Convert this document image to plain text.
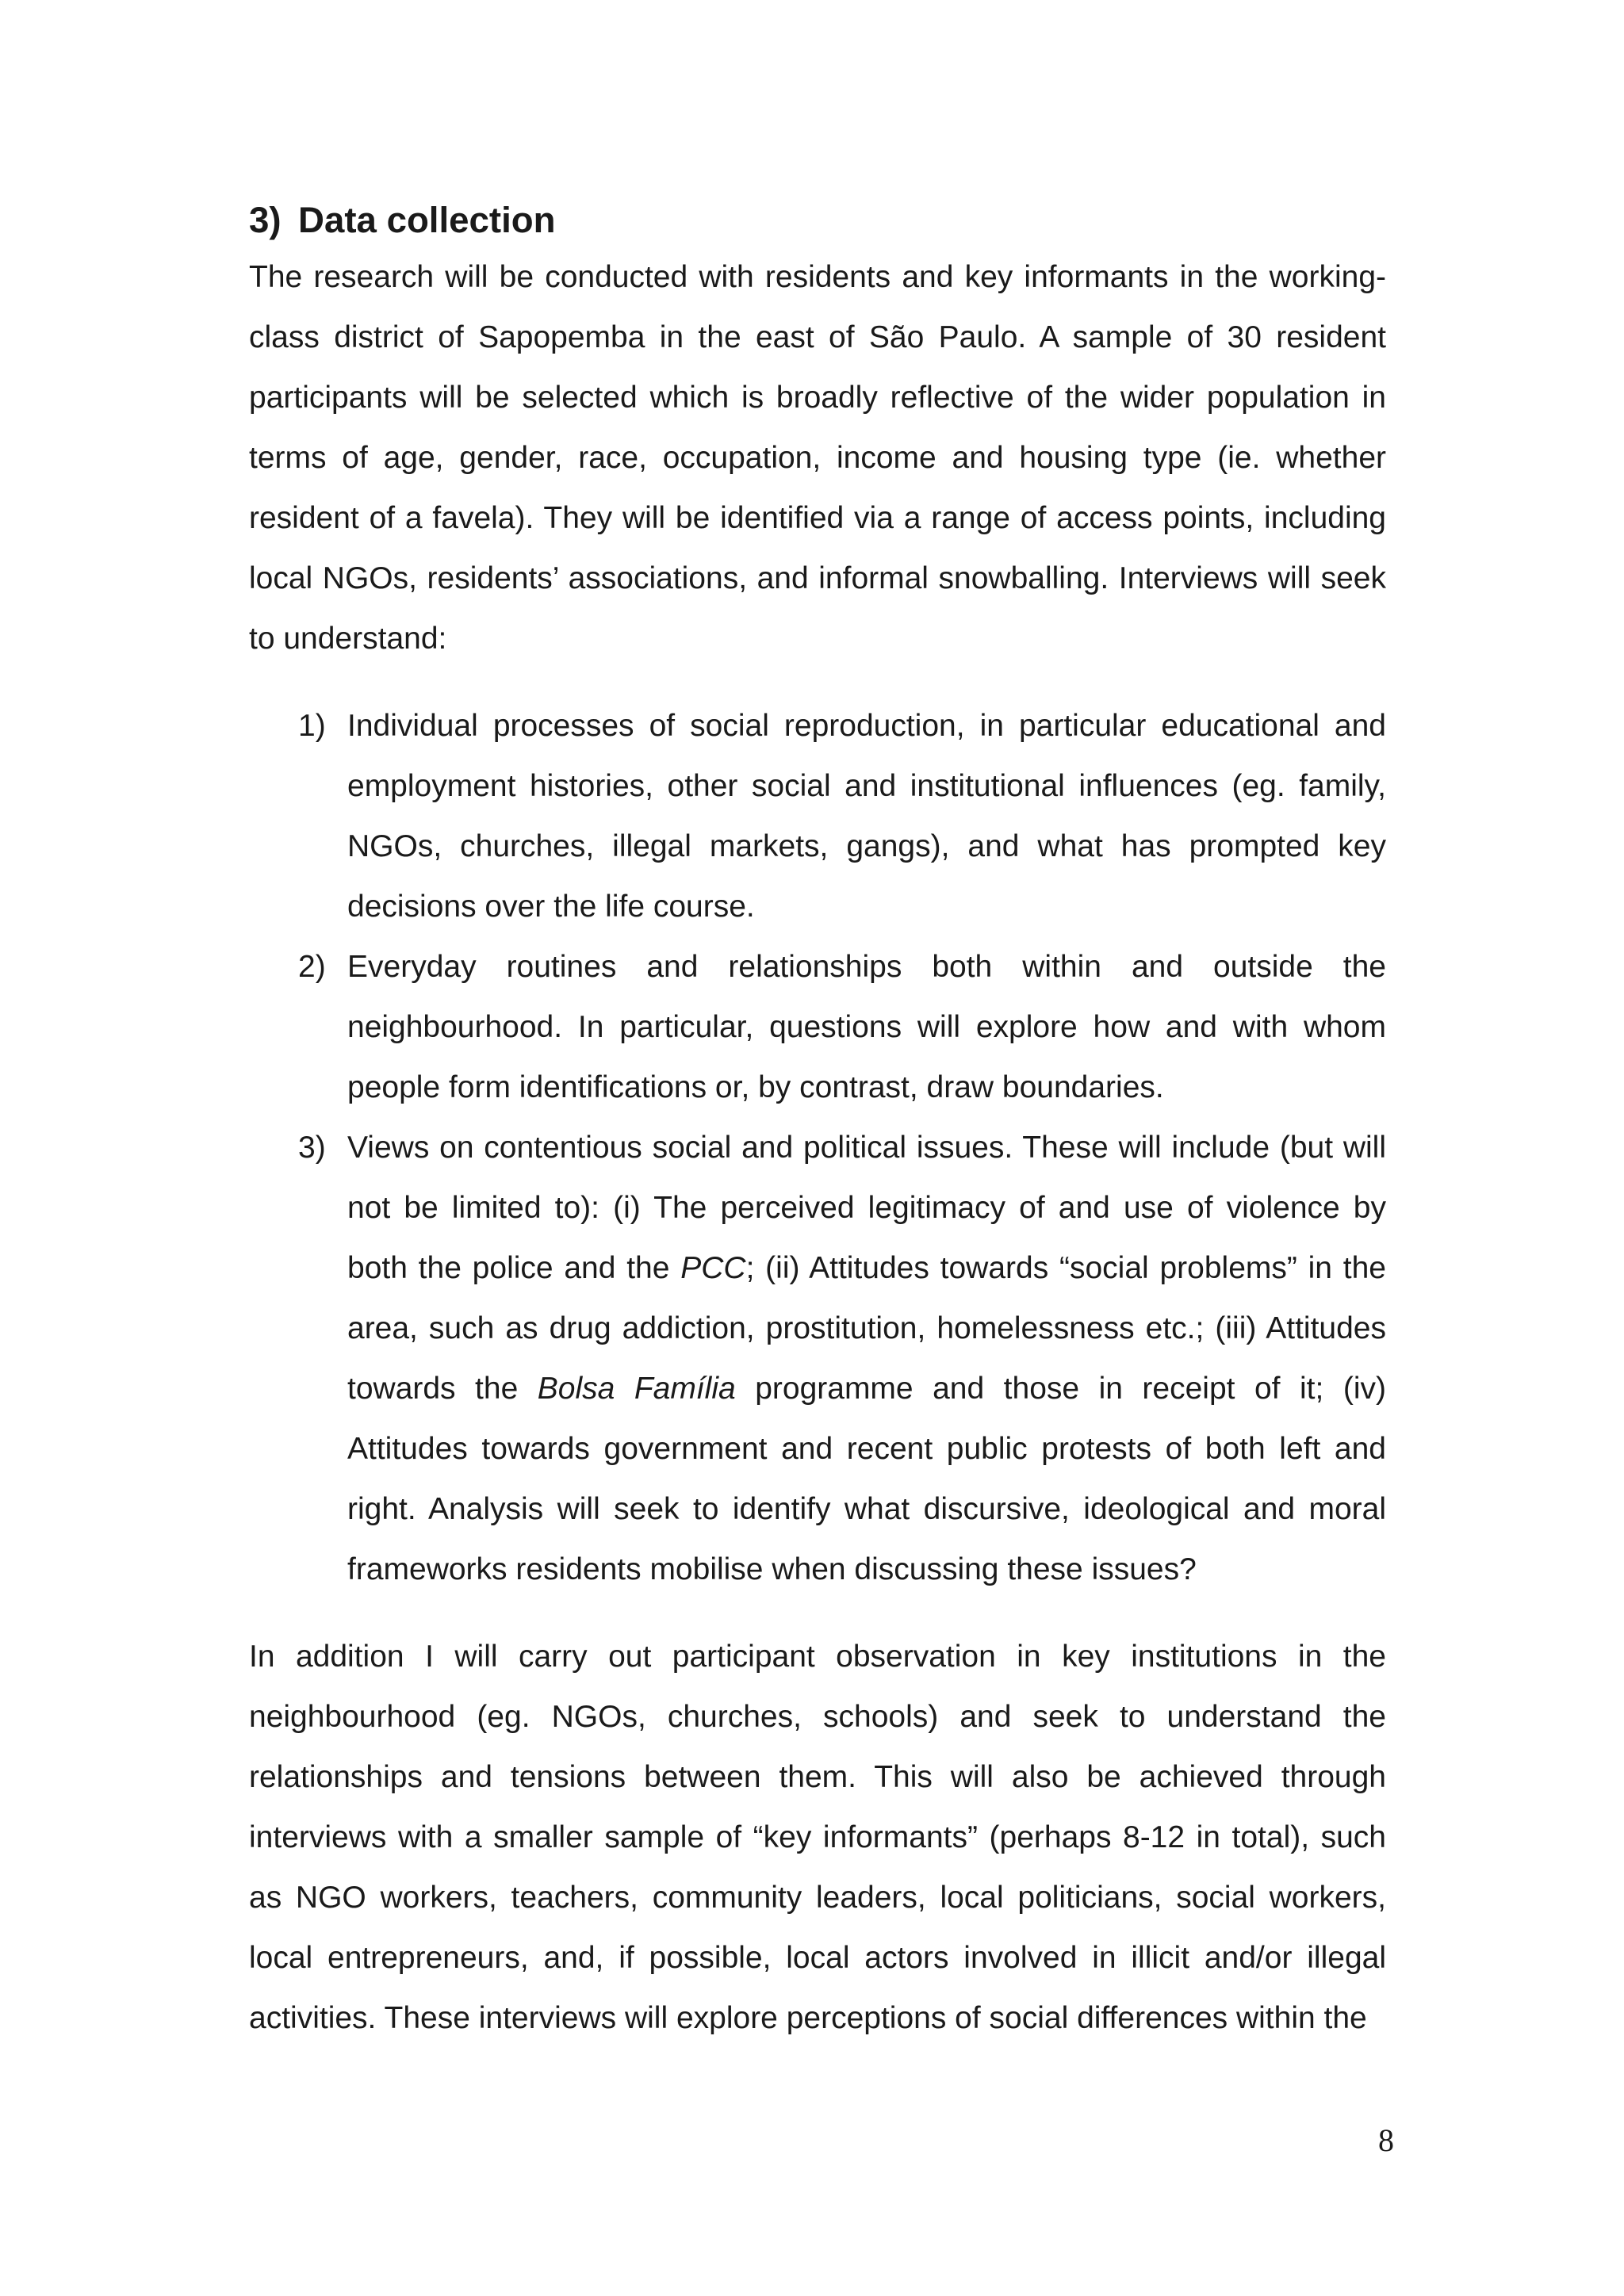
3) Data collection

The research will be conducted with residents and key informants in the working-class district of Sapopemba in the east of São Paulo. A sample of 30 resident participants will be selected which is broadly reflective of the wider population in terms of age, gender, race, occupation, income and housing type (ie. whether resident of a favela). They will be identified via a range of access points, including local NGOs, residents’ associations, and informal snowballing. Interviews will seek to understand:

1) Individual processes of social reproduction, in particular educational and employment histories, other social and institutional influences (eg. family, NGOs, churches, illegal markets, gangs), and what has prompted key decisions over the life course.
2) Everyday routines and relationships both within and outside the neighbourhood. In particular, questions will explore how and with whom people form identifications or, by contrast, draw boundaries.
3) Views on contentious social and political issues. These will include (but will not be limited to): (i) The perceived legitimacy of and use of violence by both the police and the PCC; (ii) Attitudes towards “social problems” in the area, such as drug addiction, prostitution, homelessness etc.; (iii) Attitudes towards the Bolsa Família programme and those in receipt of it; (iv) Attitudes towards government and recent public protests of both left and right. Analysis will seek to identify what discursive, ideological and moral frameworks residents mobilise when discussing these issues?

In addition I will carry out participant observation in key institutions in the neighbourhood (eg. NGOs, churches, schools) and seek to understand the relationships and tensions between them. This will also be achieved through interviews with a smaller sample of “key informants” (perhaps 8-12 in total), such as NGO workers, teachers, community leaders, local politicians, social workers, local entrepreneurs, and, if possible, local actors involved in illicit and/or illegal activities. These interviews will explore perceptions of social differences within the

8
